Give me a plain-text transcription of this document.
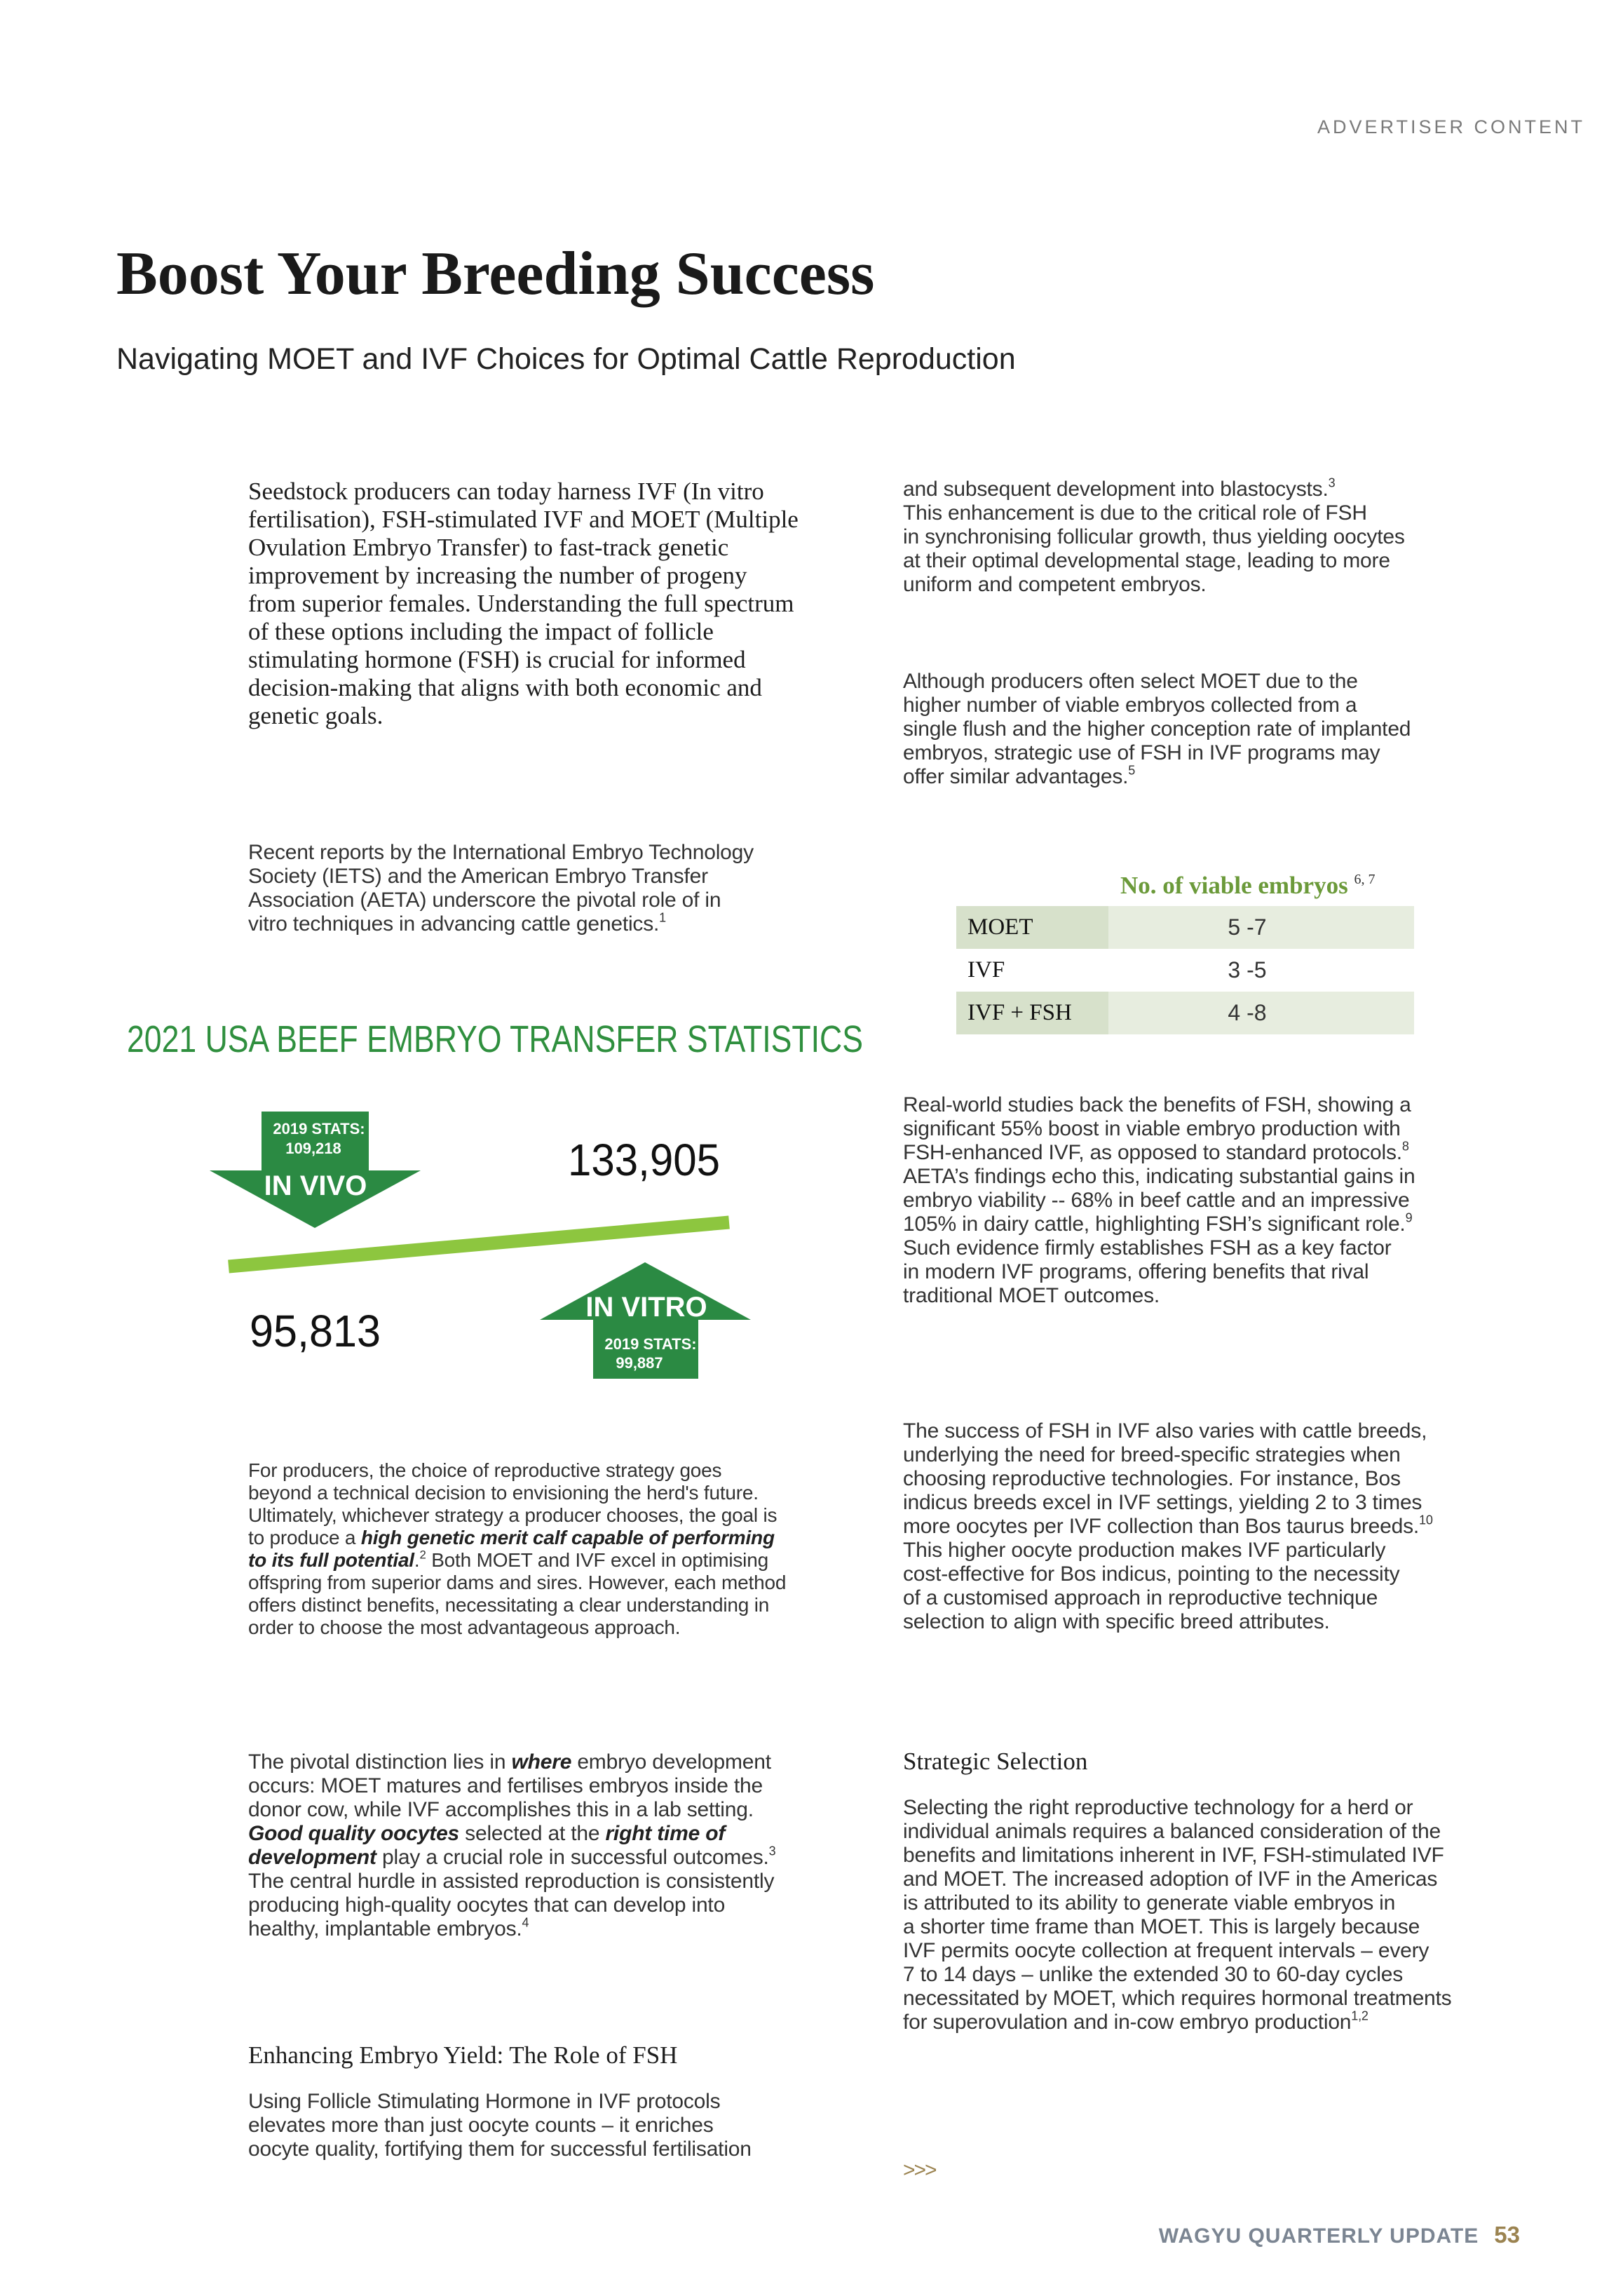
ADVERTISER CONTENT
Boost Your Breeding Success
Navigating MOET and IVF Choices for Optimal Cattle Reproduction
Seedstock producers can today harness IVF (In vitro
fertilisation), FSH-stimulated IVF and MOET (Multiple
Ovulation Embryo Transfer) to fast-track genetic
improvement by increasing the number of progeny
from superior females. Understanding the full spectrum
of these options including the impact of follicle
stimulating hormone (FSH) is crucial for informed
decision-making that aligns with both economic and
genetic goals.
Recent reports by the International Embryo Technology
Society (IETS) and the American Embryo Transfer
Association (AETA) underscore the pivotal role of in
vitro techniques in advancing cattle genetics.$^1$
2021 USA BEEF EMBRYO TRANSFER STATISTICS
2019 STATS:
109,218
IN VIVO
133,905
95,813	IN VITRO
2019 STATS:
99,887
For producers, the choice of reproductive strategy goes
beyond a technical decision to envisioning the herd's future.
Ultimately, whichever strategy a producer chooses, the goal is
to produce a high genetic merit calf capable of performing
to its full potential.$^2$ Both MOET and IVF excel in optimising
offspring from superior dams and sires. However, each method
offers distinct benefits, necessitating a clear understanding in
order to choose the most advantageous approach.
The pivotal distinction lies in where embryo development
occurs: MOET matures and fertilises embryos inside the
donor cow, while IVF accomplishes this in a lab setting.
Good quality oocytes selected at the right time of
development play a crucial role in successful outcomes.$^3$
The central hurdle in assisted reproduction is consistently
producing high-quality oocytes that can develop into
healthy, implantable embryos.$^4$
Enhancing Embryo Yield: The Role of FSH
Using Follicle Stimulating Hormone in IVF protocols
elevates more than just oocyte counts – it enriches
oocyte quality, fortifying them for successful fertilisation
and subsequent development into blastocysts.$^3$
This enhancement is due to the critical role of FSH
in synchronising follicular growth, thus yielding oocytes
at their optimal developmental stage, leading to more
uniform and competent embryos.
Although producers often select MOET due to the
higher number of viable embryos collected from a
single flush and the higher conception rate of implanted
embryos, strategic use of FSH in IVF programs may
offer similar advantages.$^5$
No. of viable embryos $^{6, 7}$
MOET	5 -7
IVF	3 -5
IVF + FSH	4 -8
Real-world studies back the benefits of FSH, showing a
significant 55% boost in viable embryo production with
FSH-enhanced IVF, as opposed to standard protocols.$^8$
AETA’s findings echo this, indicating substantial gains in
embryo viability -- 68% in beef cattle and an impressive
105% in dairy cattle, highlighting FSH’s significant role.$^9$
Such evidence firmly establishes FSH as a key factor
in modern IVF programs, offering benefits that rival
traditional MOET outcomes.
The success of FSH in IVF also varies with cattle breeds,
underlying the need for breed-specific strategies when
choosing reproductive technologies. For instance, Bos
indicus breeds excel in IVF settings, yielding 2 to 3 times
more oocytes per IVF collection than Bos taurus breeds.$^{10}$
This higher oocyte production makes IVF particularly
cost-effective for Bos indicus, pointing to the necessity
of a customised approach in reproductive technique
selection to align with specific breed attributes.
Strategic Selection
Selecting the right reproductive technology for a herd or
individual animals requires a balanced consideration of the
benefits and limitations inherent in IVF, FSH-stimulated IVF
and MOET. The increased adoption of IVF in the Americas
is attributed to its ability to generate viable embryos in
a shorter time frame than MOET. This is largely because
IVF permits oocyte collection at frequent intervals – every
7 to 14 days – unlike the extended 30 to 60-day cycles
necessitated by MOET, which requires hormonal treatments
for superovulation and in-cow embryo production$^{1,2}$
>>>
WAGYU QUARTERLY UPDATE 53
